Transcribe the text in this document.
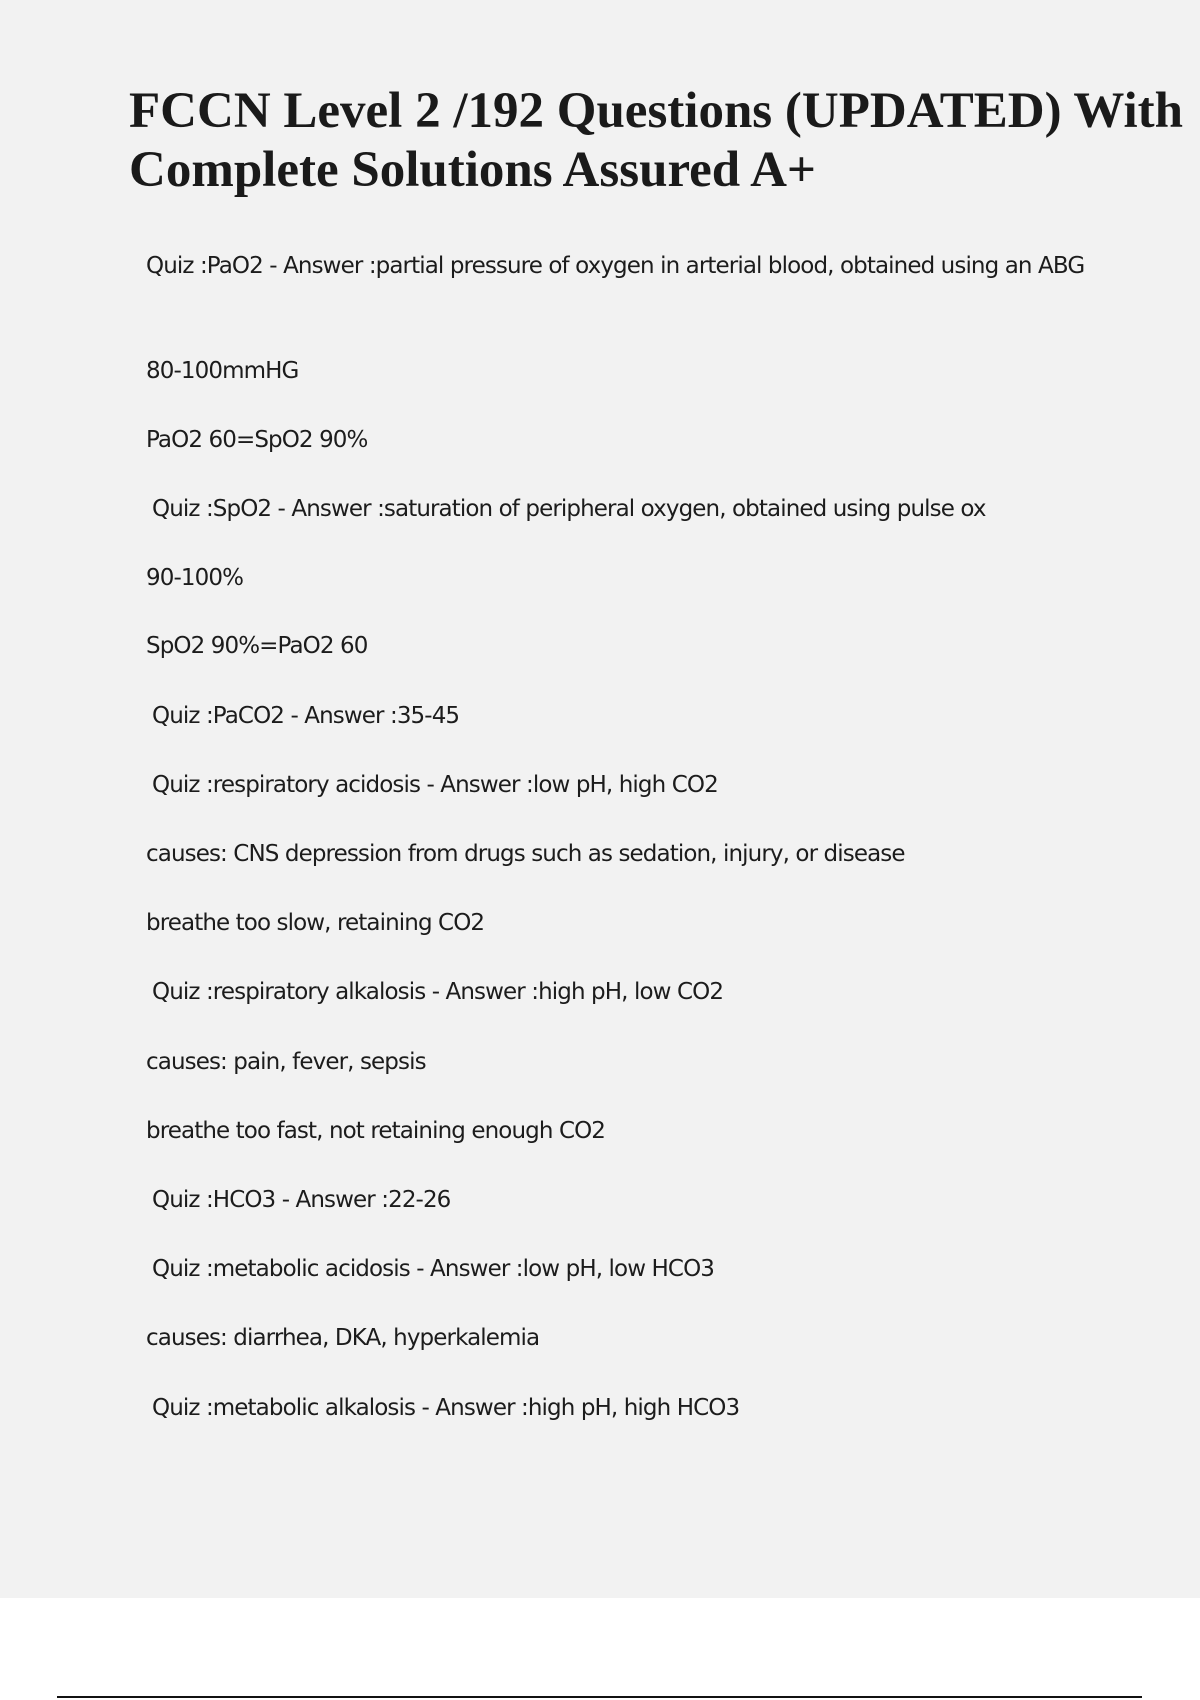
FCCN Level 2 /192 Questions (UPDATED) With
Complete Solutions Assured A+
Quiz :PaO2 - Answer :partial pressure of oxygen in arterial blood, obtained using an ABG
80-100mmHG
PaO2 60=SpO2 90%
Quiz :SpO2 - Answer :saturation of peripheral oxygen, obtained using pulse ox
90-100%
SpO2 90%=PaO2 60
Quiz :PaCO2 - Answer :35-45
Quiz :respiratory acidosis - Answer :low pH, high CO2
causes: CNS depression from drugs such as sedation, injury, or disease
breathe too slow, retaining CO2
Quiz :respiratory alkalosis - Answer :high pH, low CO2
causes: pain, fever, sepsis
breathe too fast, not retaining enough CO2
Quiz :HCO3 - Answer :22-26
Quiz :metabolic acidosis - Answer :low pH, low HCO3
causes: diarrhea, DKA, hyperkalemia
Quiz :metabolic alkalosis - Answer :high pH, high HCO3
